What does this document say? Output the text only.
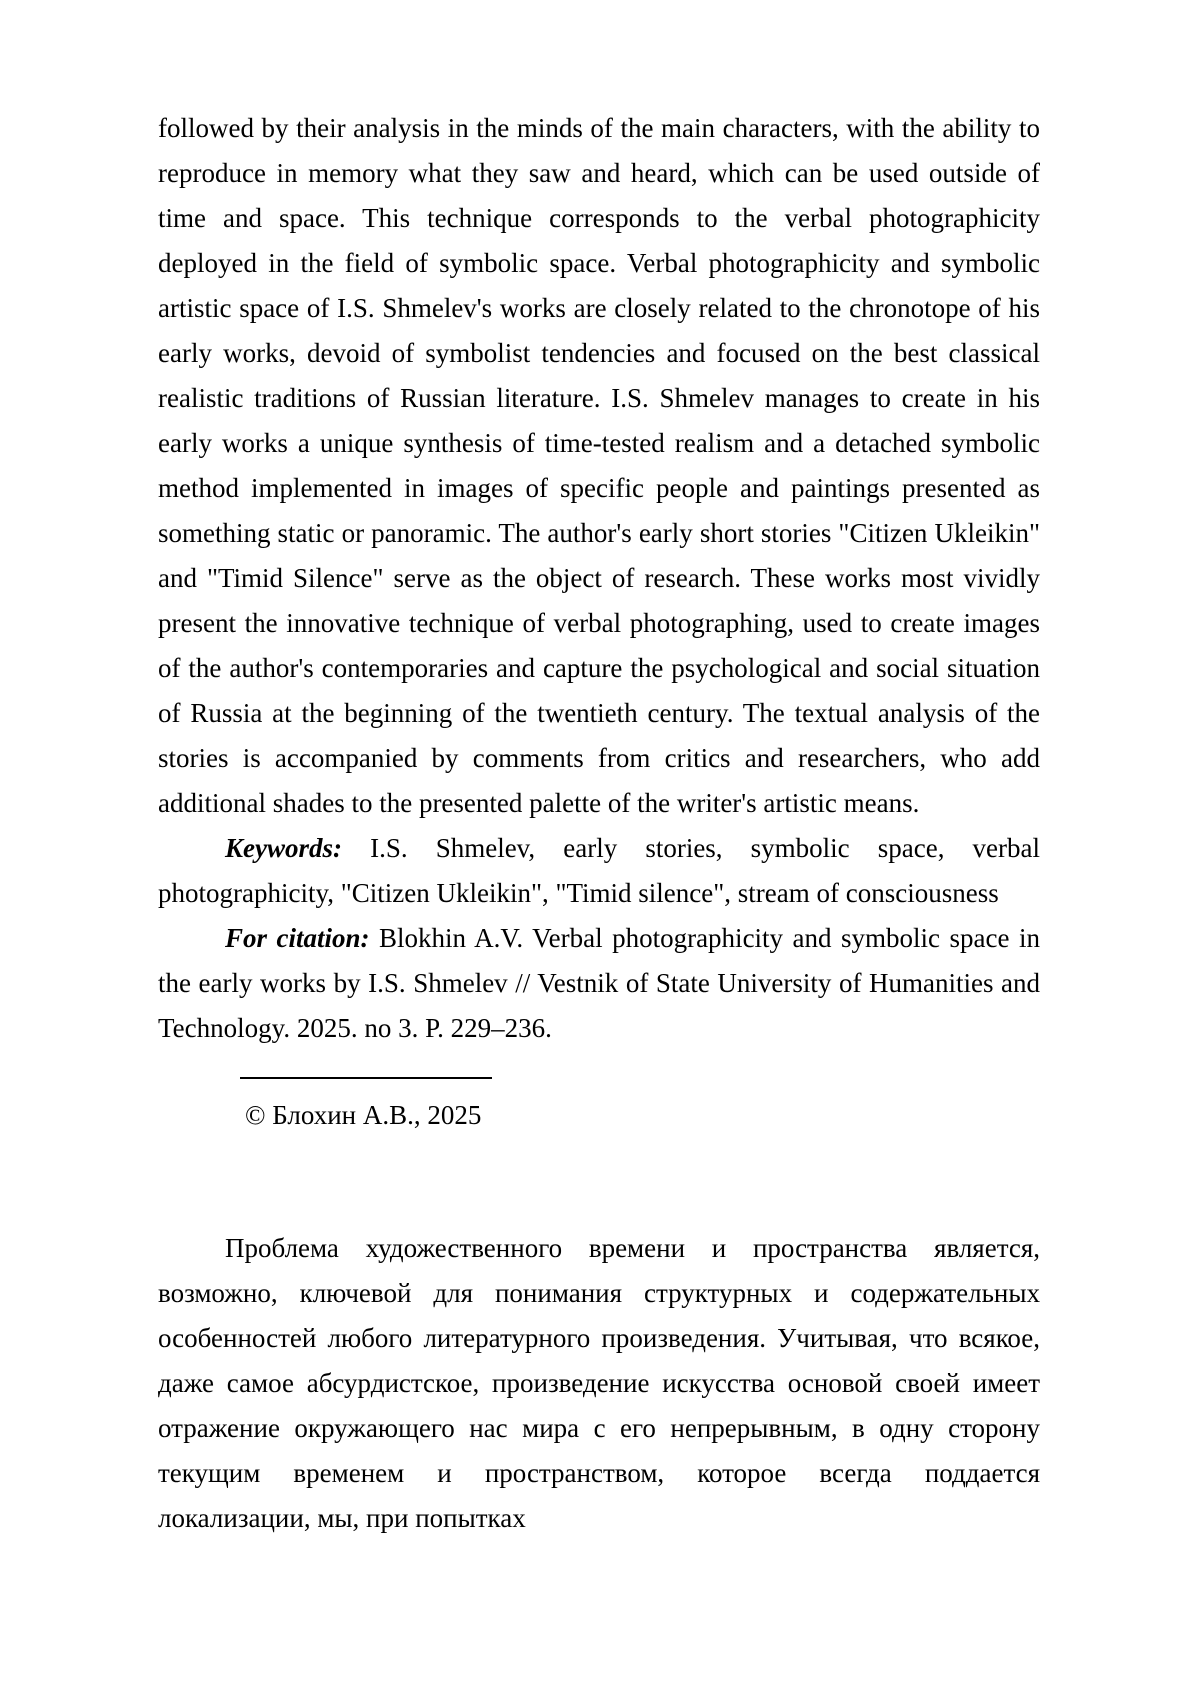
followed by their analysis in the minds of the main characters, with the ability to reproduce in memory what they saw and heard, which can be used outside of time and space. This technique corresponds to the verbal photographicity deployed in the field of symbolic space. Verbal photographicity and symbolic artistic space of I.S. Shmelev's works are closely related to the chronotope of his early works, devoid of symbolist tendencies and focused on the best classical realistic traditions of Russian literature. I.S. Shmelev manages to create in his early works a unique synthesis of time-tested realism and a detached symbolic method implemented in images of specific people and paintings presented as something static or panoramic. The author's early short stories "Citizen Ukleikin" and "Timid Silence" serve as the object of research. These works most vividly present the innovative technique of verbal photographing, used to create images of the author's contemporaries and capture the psychological and social situation of Russia at the beginning of the twentieth century. The textual analysis of the stories is accompanied by comments from critics and researchers, who add additional shades to the presented palette of the writer's artistic means.

Keywords: I.S. Shmelev, early stories, symbolic space, verbal photographicity, "Citizen Ukleikin", "Timid silence", stream of consciousness

For citation: Blokhin A.V. Verbal photographicity and symbolic space in the early works by I.S. Shmelev // Vestnik of State University of Humanities and Technology. 2025. no 3. P. 229–236.

© Блохин А.В., 2025

Проблема художественного времени и пространства является, возможно, ключевой для понимания структурных и содержательных особенностей любого литературного произведения. Учитывая, что всякое, даже самое абсурдистское, произведение искусства основой своей имеет отражение окружающего нас мира с его непрерывным, в одну сторону текущим временем и пространством, которое всегда поддается локализации, мы, при попытках
